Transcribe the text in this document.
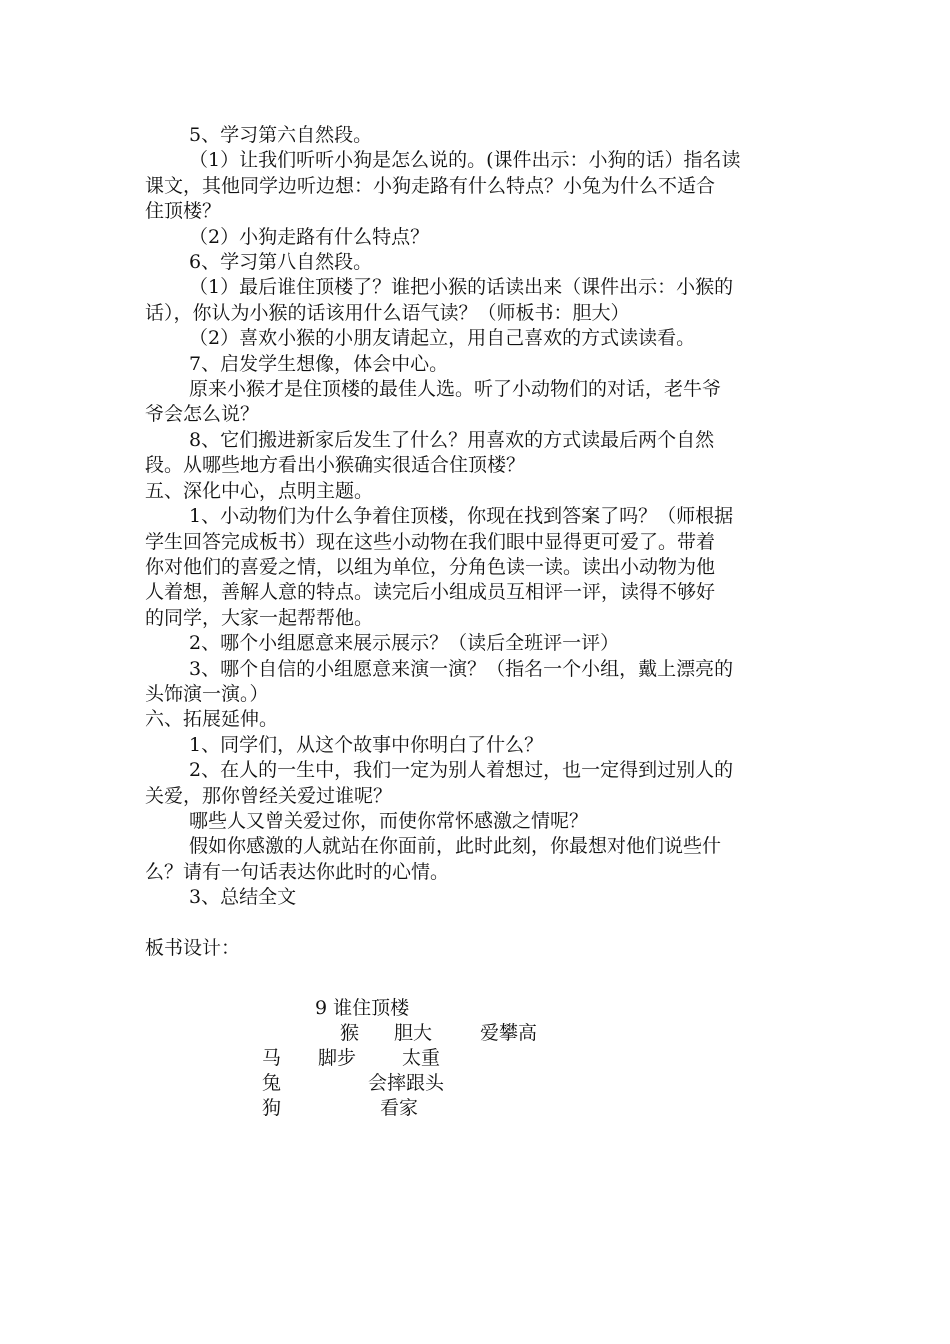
5、学习第六自然段。

（1）让我们听听小狗是怎么说的。(课件出示：小狗的话）指名读

课文，其他同学边听边想：小狗走路有什么特点？小兔为什么不适合

住顶楼？

（2）小狗走路有什么特点？

6、学习第八自然段。

（1）最后谁住顶楼了？谁把小猴的话读出来（课件出示：小猴的

话），你认为小猴的话该用什么语气读？（师板书：胆大）

（2）喜欢小猴的小朋友请起立，用自己喜欢的方式读读看。

7、启发学生想像，体会中心。

原来小猴才是住顶楼的最佳人选。听了小动物们的对话，老牛爷

爷会怎么说？

8、它们搬进新家后发生了什么？用喜欢的方式读最后两个自然

段。从哪些地方看出小猴确实很适合住顶楼？

五、深化中心，点明主题。

1、小动物们为什么争着住顶楼，你现在找到答案了吗？（师根据

学生回答完成板书）现在这些小动物在我们眼中显得更可爱了。带着

你对他们的喜爱之情，以组为单位，分角色读一读。读出小动物为他

人着想，善解人意的特点。读完后小组成员互相评一评，读得不够好

的同学，大家一起帮帮他。

2、哪个小组愿意来展示展示？（读后全班评一评）

3、哪个自信的小组愿意来演一演？（指名一个小组，戴上漂亮的

头饰演一演。）

六、拓展延伸。

1、同学们，从这个故事中你明白了什么？

2、在人的一生中，我们一定为别人着想过，也一定得到过别人的

关爱，那你曾经关爱过谁呢？

哪些人又曾关爱过你，而使你常怀感激之情呢？

假如你感激的人就站在你面前，此时此刻，你最想对他们说些什

么？请有一句话表达你此时的心情。

3、总结全文

板书设计：

9 谁住顶楼
猴 胆大	爱攀高
马 脚步 太重
兔	会摔跟头
狗	看家
